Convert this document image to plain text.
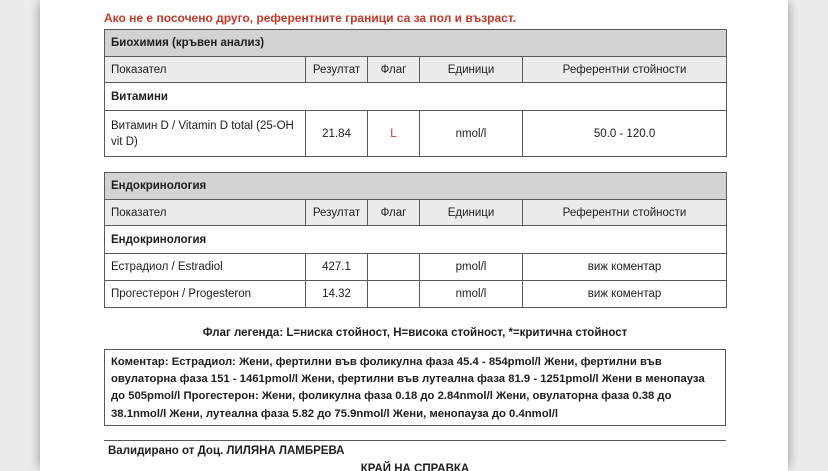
Ако не е посочено друго, референтните граници са за пол и възраст.
Биохимия (кръвен анализ)				
Показател	Резултат	Флаг	Единици	Референтни стойности
Витамини				
Витамин D / Vitamin D total (25-OH vit D)	21.84	L	nmol/l	50.0 - 120.0
Ендокринология				
Показател	Резултат	Флаг	Единици	Референтни стойности
Ендокринология				
Естрадиол / Estradiol	427.1		pmol/l	виж коментар
Прогестерон / Progesteron	14.32		nmol/l	виж коментар
Флаг легенда: L=ниска стойност, H=висока стойност, *=критична стойност
Коментар: Естрадиол: Жени, фертилни във фоликулна фаза 45.4 - 854pmol/l Жени, фертилни във овулаторна фаза 151 - 1461pmol/l Жени, фертилни във лутеална фаза 81.9 - 1251pmol/l Жени в менопауза до 505pmol/l Прогестерон: Жени, фоликулна фаза 0.18 до 2.84nmol/l Жени, овулаторна фаза 0.38 до 38.1nmol/l Жени, лутеална фаза 5.82 до 75.9nmol/l Жени, менопауза до 0.4nmol/l
Валидирано от Доц. ЛИЛЯНА ЛАМБРЕВА
КРАЙ НА СПРАВКА
